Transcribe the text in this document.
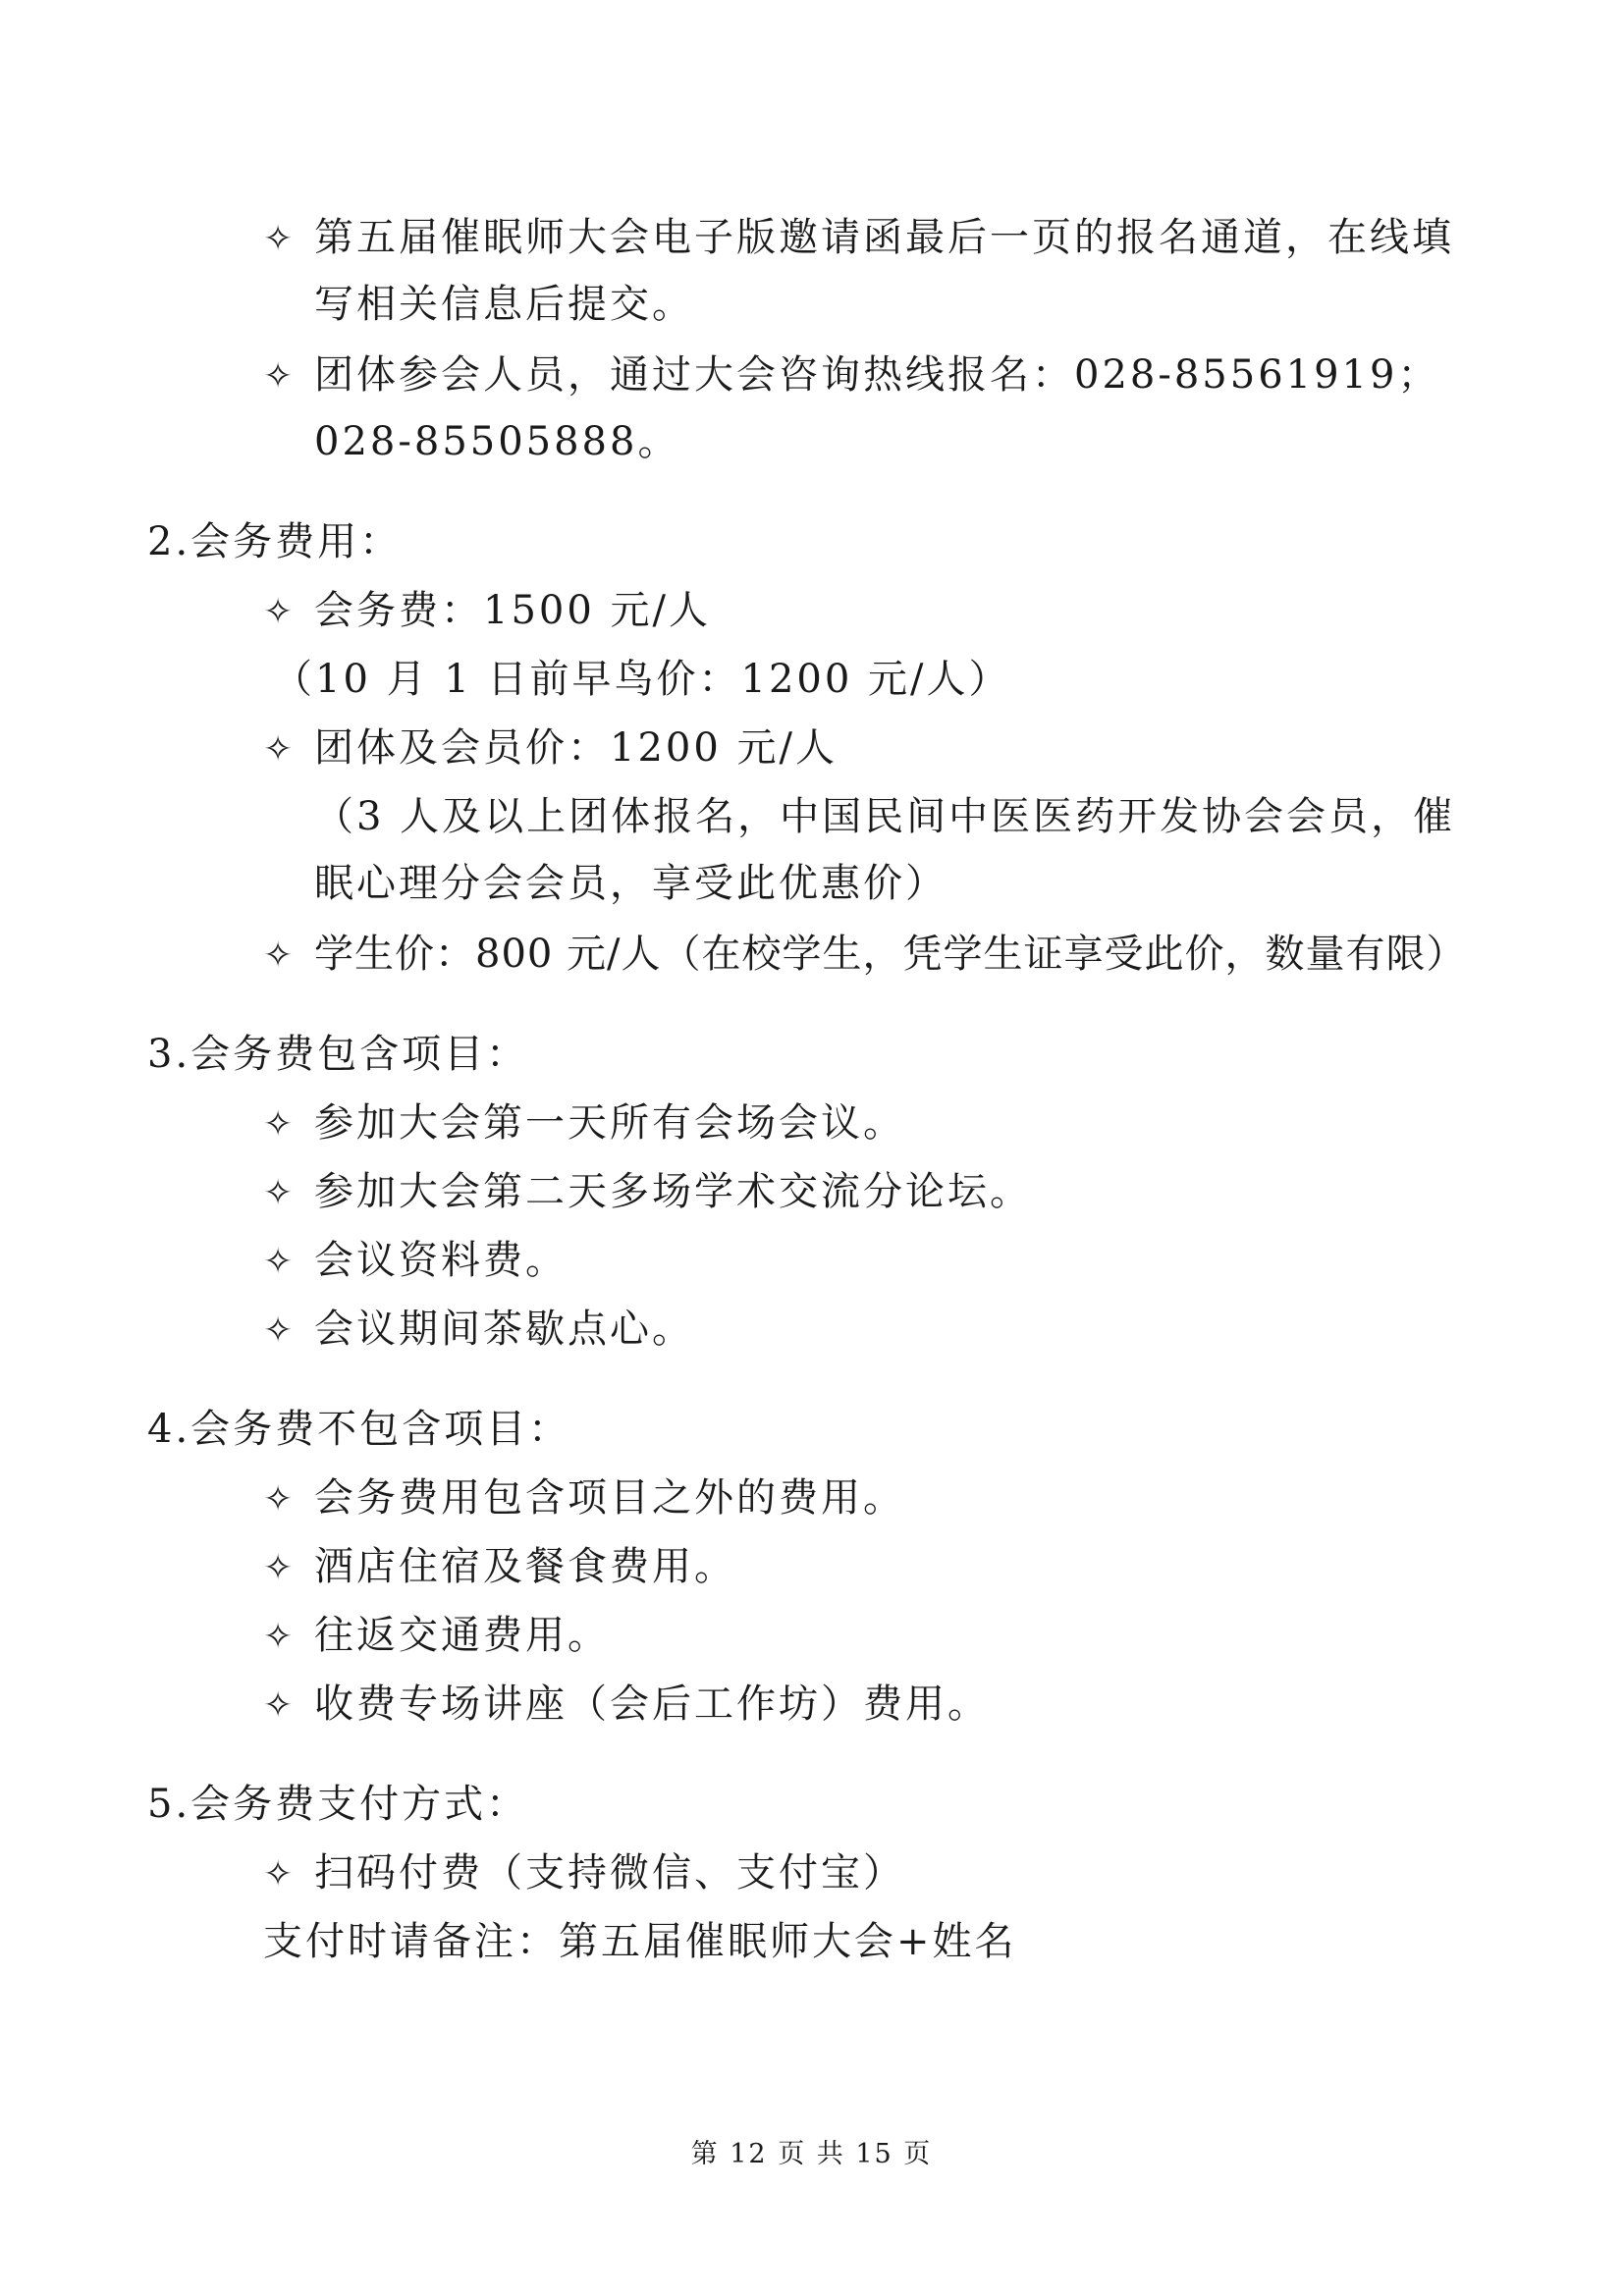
✧ 第五届催眠师大会电子版邀请函最后一页的报名通道，在线填
写相关信息后提交。
✧ 团体参会人员，通过大会咨询热线报名：028-85561919；
028-85505888。
2.会务费用：
✧ 会务费：1500 元/人
（10 月 1 日前早鸟价：1200 元/人）
✧ 团体及会员价：1200 元/人
（3 人及以上团体报名，中国民间中医医药开发协会会员，催
眠心理分会会员，享受此优惠价）
✧ 学生价：800 元/人（在校学生，凭学生证享受此价，数量有限）
3.会务费包含项目：
✧ 参加大会第一天所有会场会议。
✧ 参加大会第二天多场学术交流分论坛。
✧ 会议资料费。
✧ 会议期间茶歇点心。
4.会务费不包含项目：
✧ 会务费用包含项目之外的费用。
✧ 酒店住宿及餐食费用。
✧ 往返交通费用。
✧ 收费专场讲座（会后工作坊）费用。
5.会务费支付方式：
✧ 扫码付费（支持微信、支付宝）
支付时请备注：第五届催眠师大会+姓名
第 12 页 共 15 页
